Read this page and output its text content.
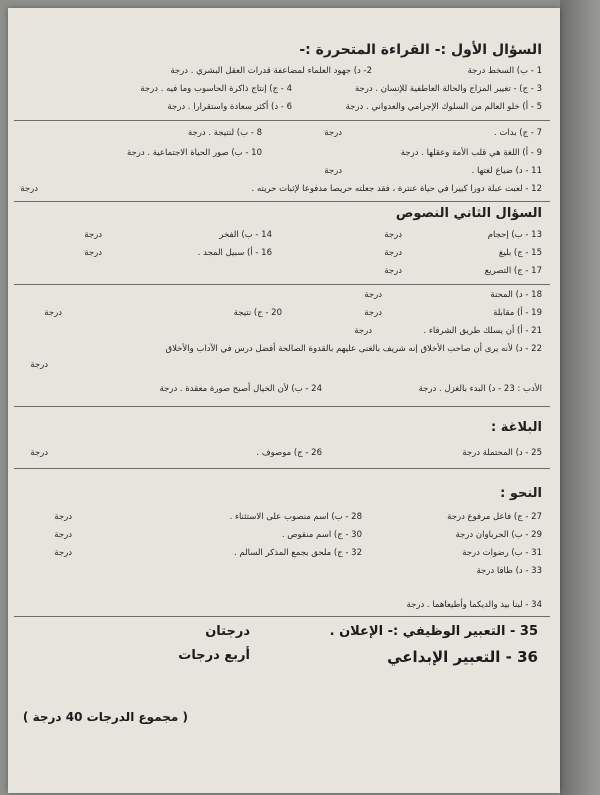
السؤال الأول :- القراءة المتحررة :-
1 - ب) السخط درجة
2- د) جهود العلماء لمضاعفة قدرات العقل البشري . درجة
3 - ج) - تغيير المزاج والحالة العاطفية للإنسان . درجة
4 - ج) إنتاج ذاكرة الحاسوب وما فيه . درجة
5 - أ) خلو العالم من السلوك الإجرامي والعدواني . درجة
6 - د) أكثر سعادة واستقرارا . درجة
7 - ج) بدات .
درجة
8 - ب) لنتيجة . درجة
9 - أ) اللغة هي قلب الأمة وعقلها . درجة
10 - ب) صور الحياة الاجتماعية . درجة
11 - د) ضياع لغتها .
درجة
12 - لعبت عبلة دورا كبيرا في حياة عنترة ، فقد جعلته حريصا مدفوعا لإثبات حريته .
درجة
السؤال الثاني النصوص
13 - ب) إحجام
درجة
14 - ب) الفخر
درجة
15 - ج) بليغ
درجة
16 - أ) سبيل المجد .
درجة
17 - ج) التصريع
درجة
18 - د) المحنة
درجة
19 - أ) مقابلة
درجة
20 - ج) نتيجة
درجة
21 - أ) أن يسلك طريق الشرفاء .
درجة
22 - د) لأنه يرى أن صاحب الأخلاق إنه شريف بالغنى عليهم بالقدوة الصالحة أفضل درس في الآداب والأخلاق
درجة
الأدب : 23 - د) البدء بالغزل . درجة
24 - ب) لأن الخيال أصبح صورة معقدة . درجة
البلاغة :
25 - د) المحتملة درجة
26 - ج) موصوف .
درجة
النحو :
27 - ج) فاعل مرفوع درجة
28 - ب) اسم منصوب على الاستثناء .
درجة
29 - ب) الحرباوان درجة
30 - ج) اسم منقوص .
درجة
31 - ب) رضوات درجة
32 - ج) ملحق بجمع المذكر السالم .
درجة
33 - د) طافا درجة
34 - لبنا بيد والديكما وأطيعاهما . درجة
35 - التعبير الوظيفي :- الإعلان .
درجتان
36 - التعبير الإبداعي
أربع درجات
( مجموع الدرجات 40 درجة )
